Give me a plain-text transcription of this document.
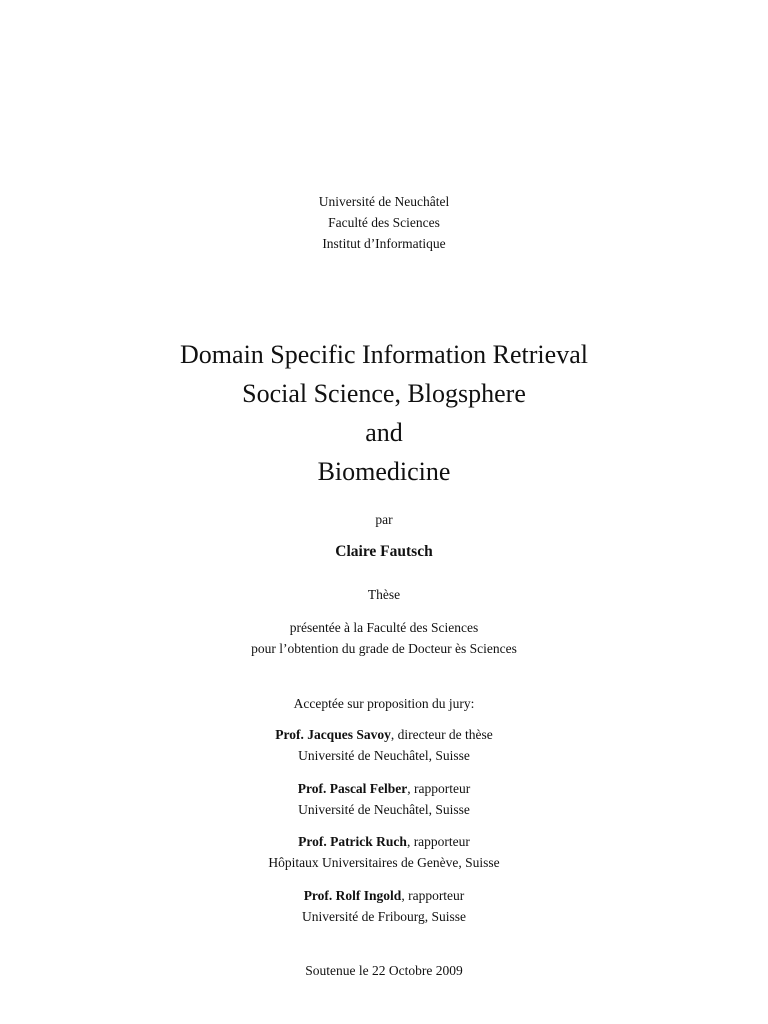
Université de Neuchâtel
Faculté des Sciences
Institut d’Informatique
Domain Specific Information Retrieval
Social Science, Blogsphere
and
Biomedicine
par
Claire Fautsch
Thèse
présentée à la Faculté des Sciences
pour l’obtention du grade de Docteur ès Sciences
Acceptée sur proposition du jury:
Prof. Jacques Savoy, directeur de thèse
Université de Neuchâtel, Suisse
Prof. Pascal Felber, rapporteur
Université de Neuchâtel, Suisse
Prof. Patrick Ruch, rapporteur
Hôpitaux Universitaires de Genève, Suisse
Prof. Rolf Ingold, rapporteur
Université de Fribourg, Suisse
Soutenue le 22 Octobre 2009
